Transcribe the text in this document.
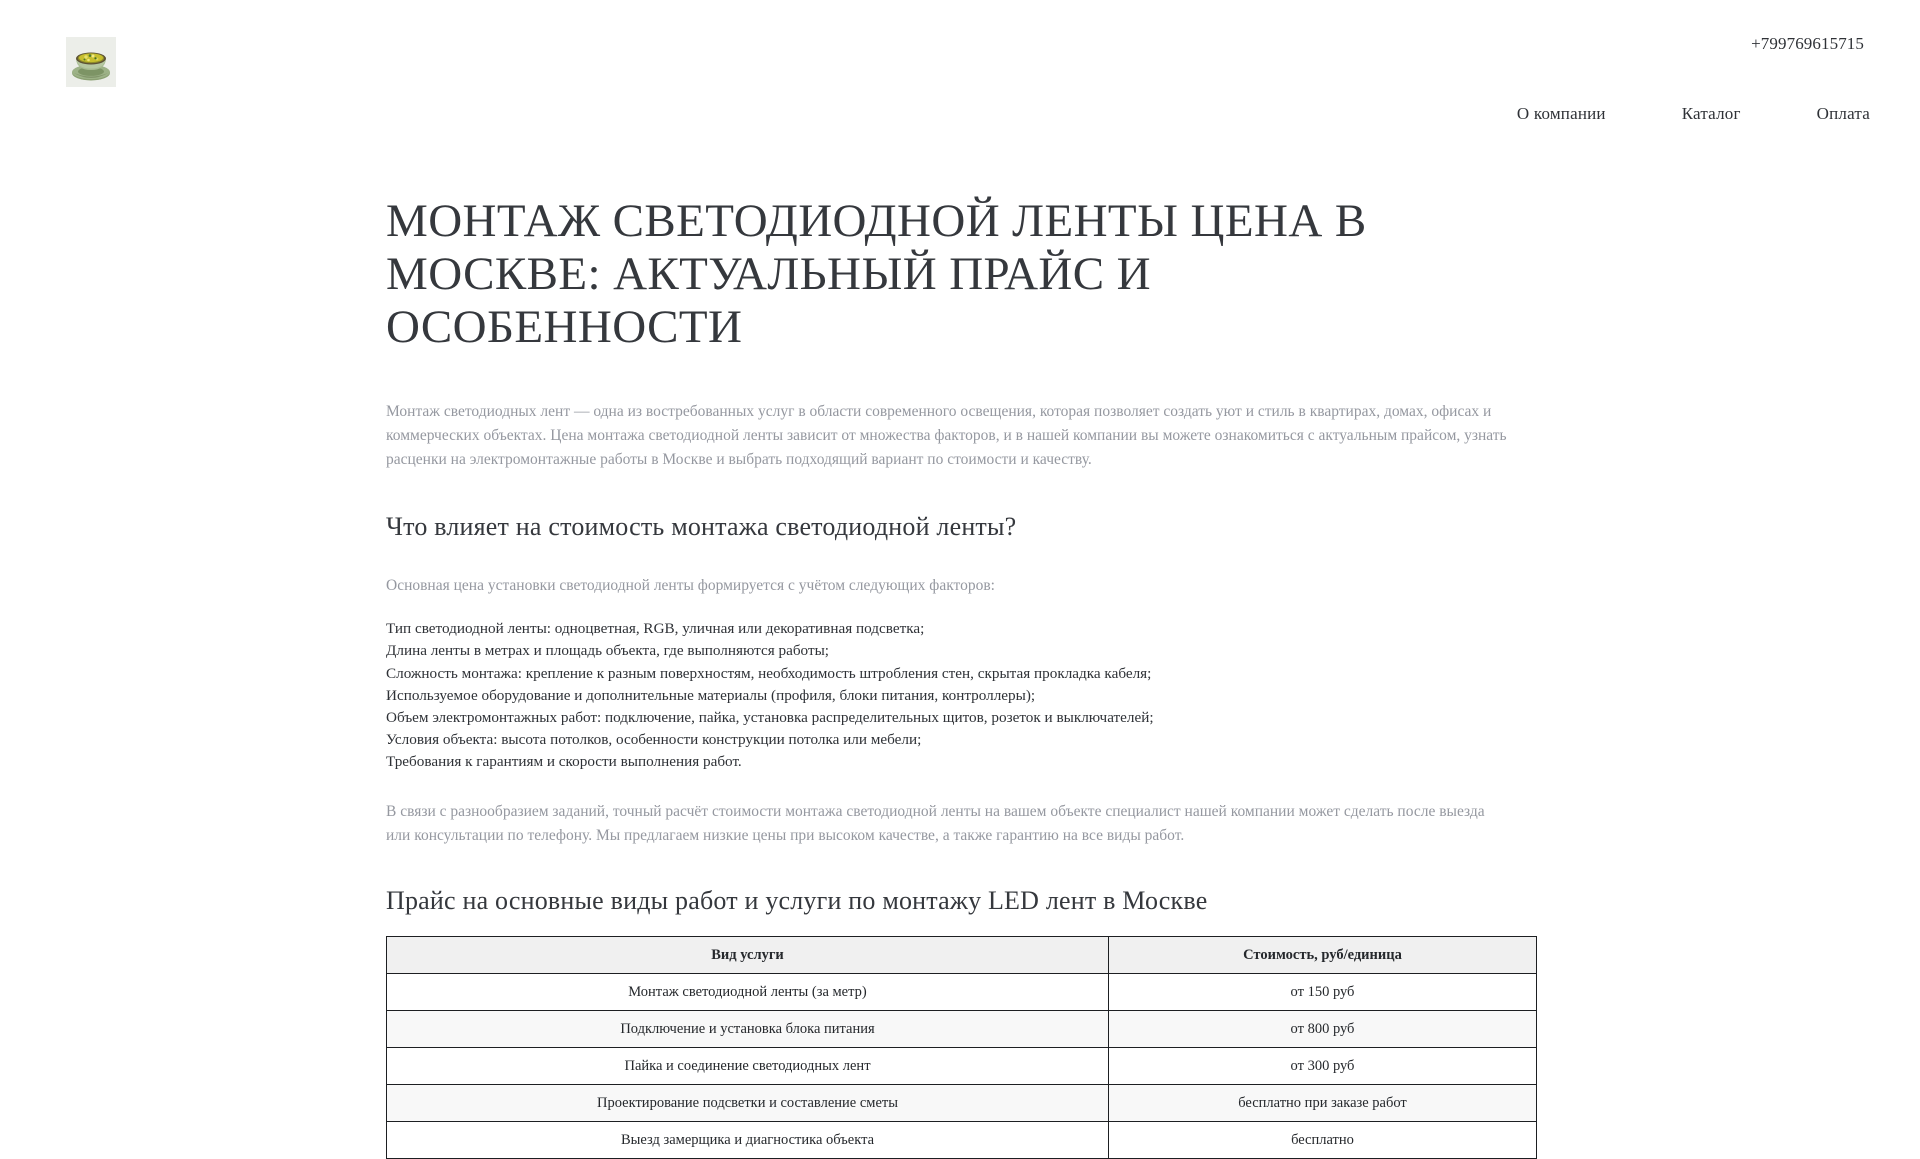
+799769615715
О компании	Каталог	Оплата
МОНТАЖ СВЕТОДИОДНОЙ ЛЕНТЫ ЦЕНА В МОСКВЕ: АКТУАЛЬНЫЙ ПРАЙС И ОСОБЕННОСТИ

Монтаж светодиодных лент — одна из востребованных услуг в области современного освещения, которая позволяет создать уют и стиль в квартирах, домах, офисах и коммерческих объектах. Цена монтажа светодиодной ленты зависит от множества факторов, и в нашей компании вы можете ознакомиться с актуальным прайсом, узнать расценки на электромонтажные работы в Москве и выбрать подходящий вариант по стоимости и качеству.

Что влияет на стоимость монтажа светодиодной ленты?

Основная цена установки светодиодной ленты формируется с учётом следующих факторов:

Тип светодиодной ленты: одноцветная, RGB, уличная или декоративная подсветка;
Длина ленты в метрах и площадь объекта, где выполняются работы;
Сложность монтажа: крепление к разным поверхностям, необходимость штробления стен, скрытая прокладка кабеля;
Используемое оборудование и дополнительные материалы (профиля, блоки питания, контроллеры);
Объем электромонтажных работ: подключение, пайка, установка распределительных щитов, розеток и выключателей;
Условия объекта: высота потолков, особенности конструкции потолка или мебели;
Требования к гарантиям и скорости выполнения работ.

В связи с разнообразием заданий, точный расчёт стоимости монтажа светодиодной ленты на вашем объекте специалист нашей компании может сделать после выезда или консультации по телефону. Мы предлагаем низкие цены при высоком качестве, а также гарантию на все виды работ.

Прайс на основные виды работ и услуги по монтажу LED лент в Москве
Вид услуги	Стоимость, руб/единица
Монтаж светодиодной ленты (за метр)	от 150 руб
Подключение и установка блока питания	от 800 руб
Пайка и соединение светодиодных лент	от 300 руб
Проектирование подсветки и составление сметы	бесплатно при заказе работ
Выезд замерщика и диагностика объекта	бесплатно
